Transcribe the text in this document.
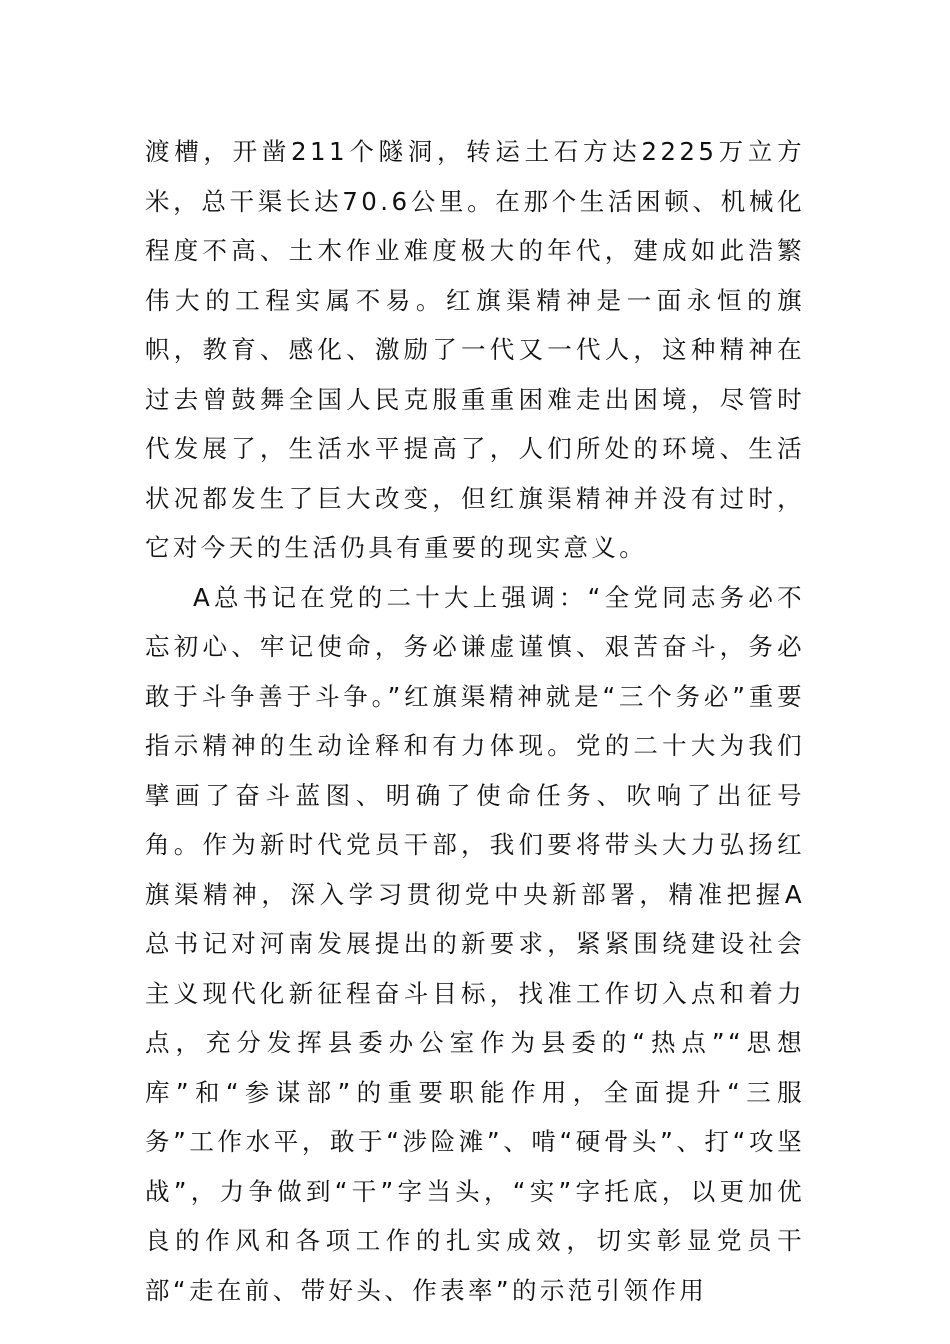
渡槽，开凿211个隧洞，转运土石方达2225万立方米，总干渠长达70.6公里。在那个生活困顿、机械化程度不高、土木作业难度极大的年代，建成如此浩繁伟大的工程实属不易。红旗渠精神是一面永恒的旗帜，教育、感化、激励了一代又一代人，这种精神在过去曾鼓舞全国人民克服重重困难走出困境，尽管时代发展了，生活水平提高了，人们所处的环境、生活状况都发生了巨大改变，但红旗渠精神并没有过时，它对今天的生活仍具有重要的现实意义。

A总书记在党的二十大上强调：“全党同志务必不忘初心、牢记使命，务必谦虚谨慎、艰苦奋斗，务必敢于斗争善于斗争。”红旗渠精神就是“三个务必”重要指示精神的生动诠释和有力体现。党的二十大为我们擘画了奋斗蓝图、明确了使命任务、吹响了出征号角。作为新时代党员干部，我们要将带头大力弘扬红旗渠精神，深入学习贯彻党中央新部署，精准把握A总书记对河南发展提出的新要求，紧紧围绕建设社会主义现代化新征程奋斗目标，找准工作切入点和着力点，充分发挥县委办公室作为县委的“热点”“思想库”和“参谋部”的重要职能作用，全面提升“三服务”工作水平，敢于“涉险滩”、啃“硬骨头”、打“攻坚战”，力争做到“干”字当头，“实”字托底，以更加优良的作风和各项工作的扎实成效，切实彰显党员干部“走在前、带好头、作表率”的示范引领作用
